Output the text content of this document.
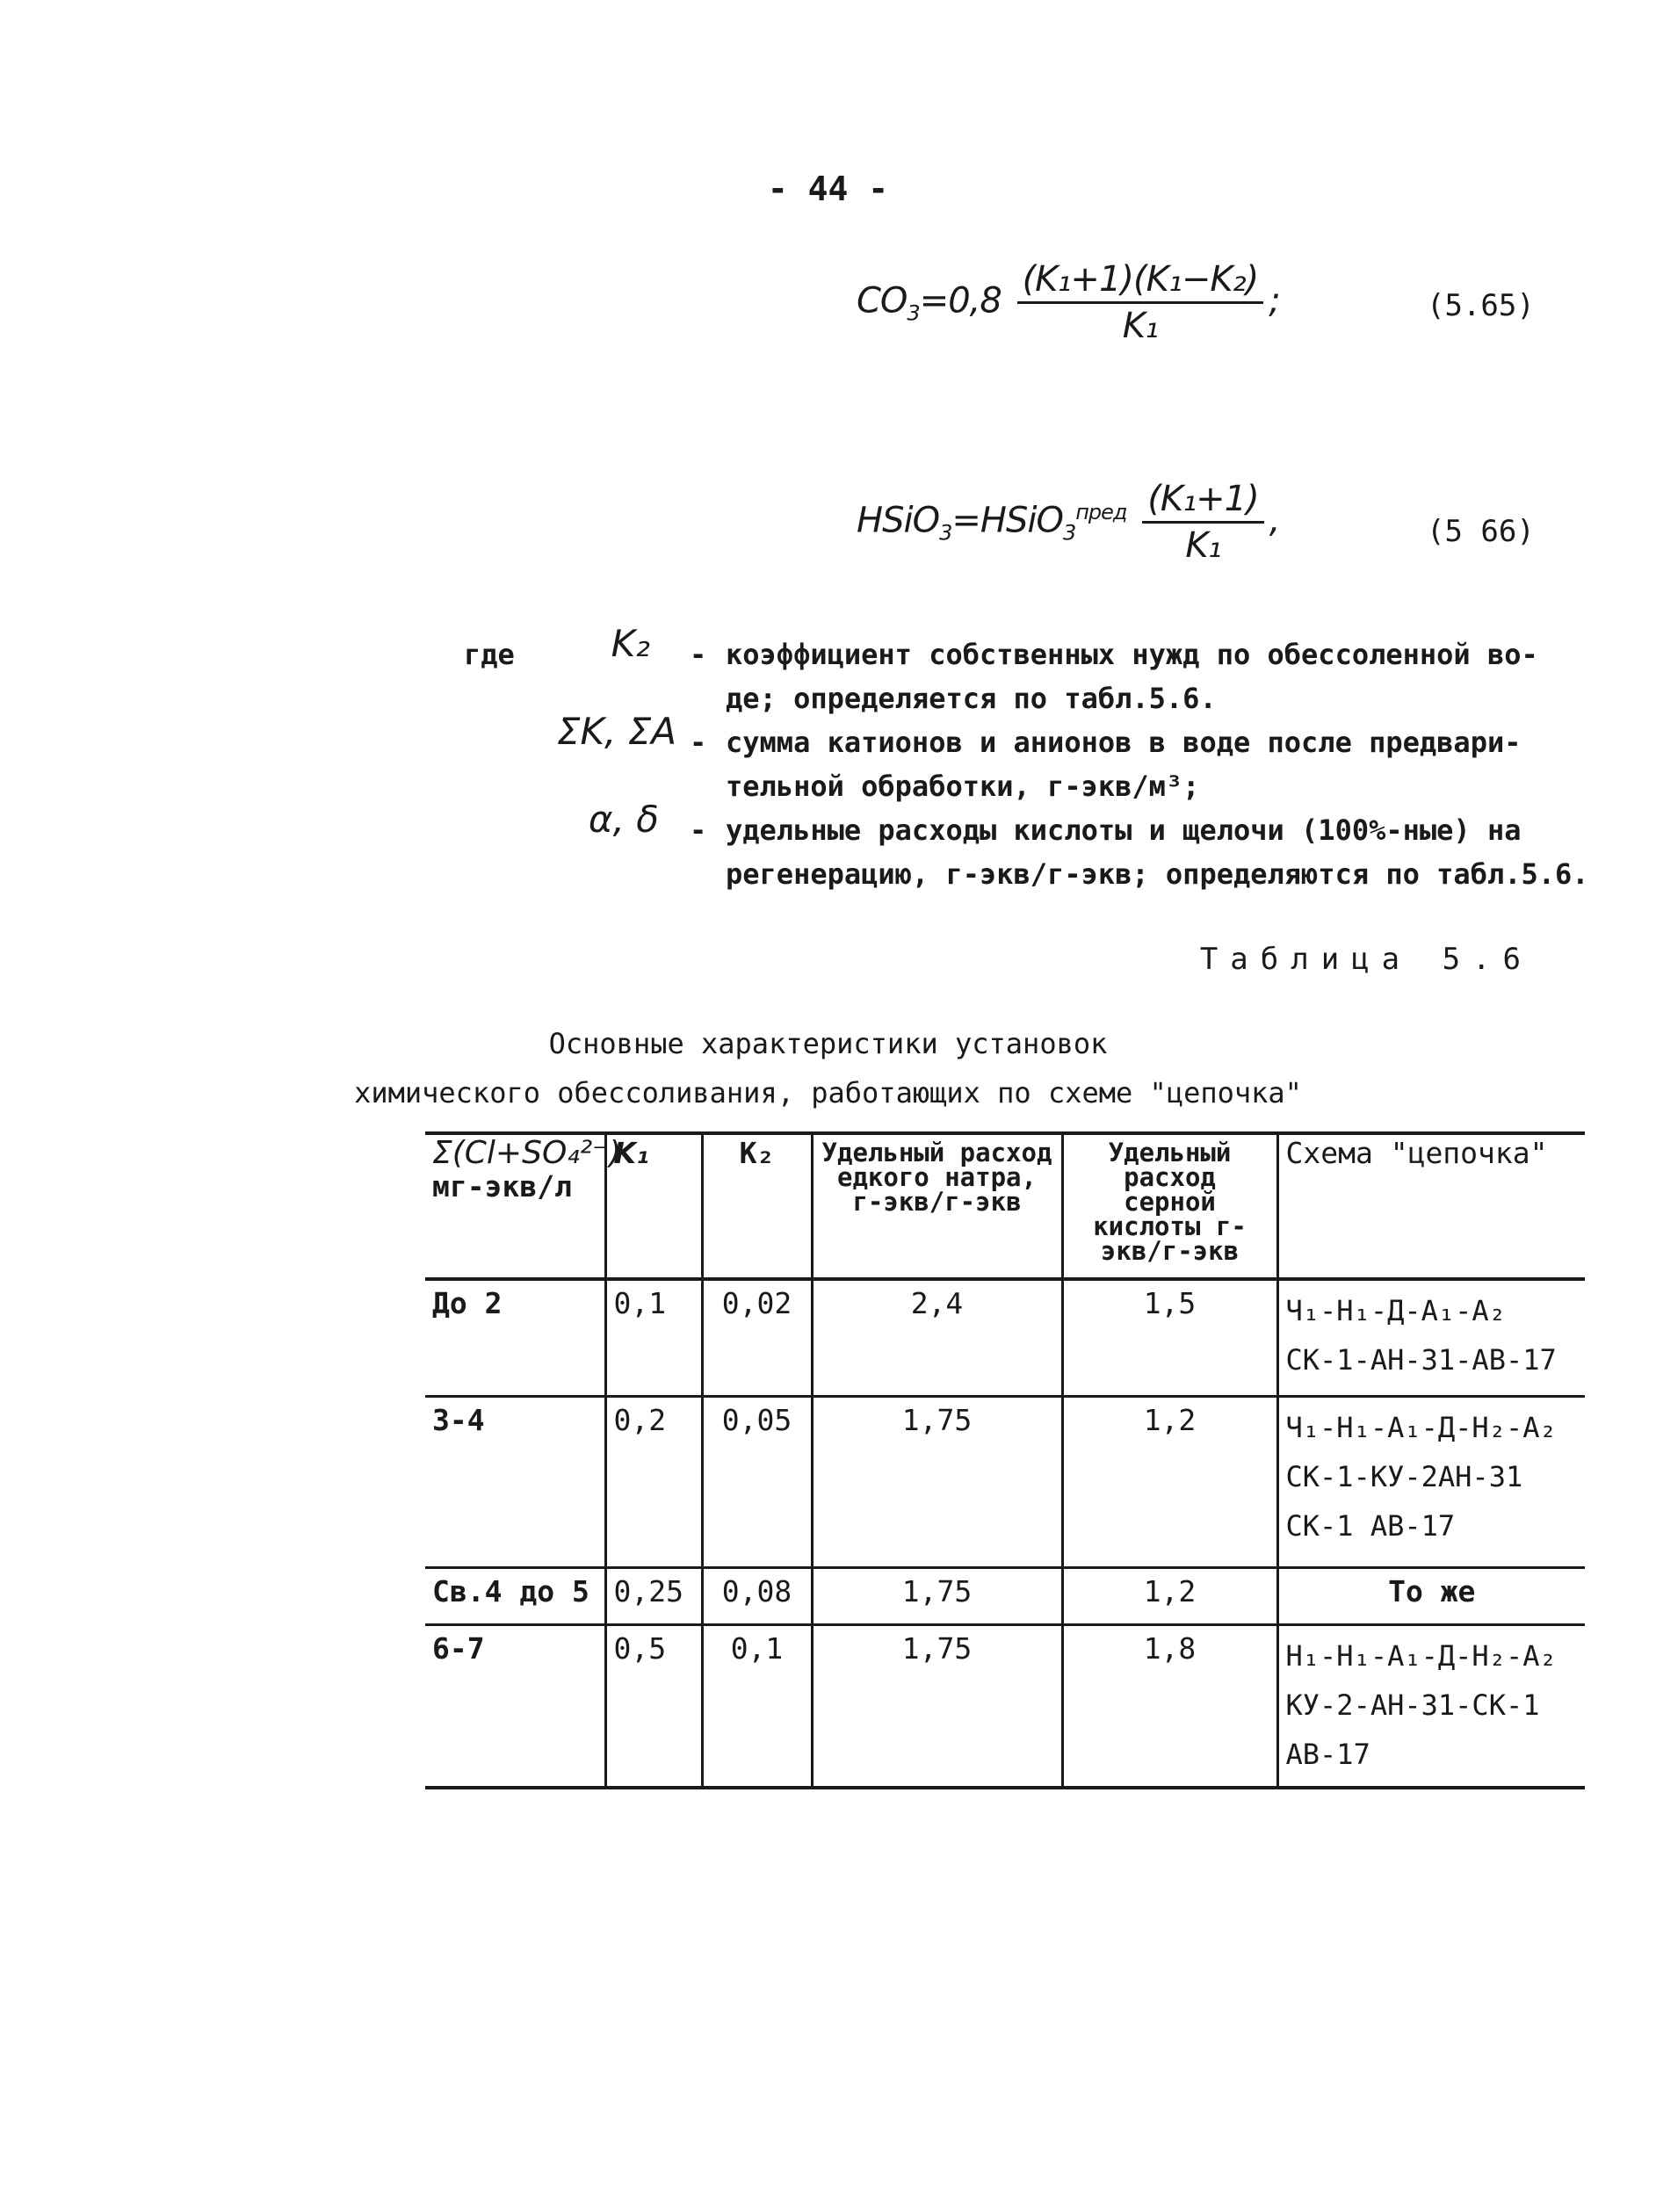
- 44 -
$CO_3=0,8 \frac{\text{(K₁+1)(K₁−K₂)}}{\text{K₁}}$ ;	(5.65)
HSiO$_3$=HSiO$_3^{пред}$ $\frac{\text{(K₁+1)}}{\text{K₁}}$ ,	(5 66)
где	K₂ - коэффициент собственных нужд по обессоленной во-
де; определяется по табл.5.6.
ΣK, ΣA - сумма катионов и анионов в воде после предвари-
тельной обработки, г-экв/м³;
α, δ - удельные расходы кислоты и щелочи (100%-ные) на
регенерацию, г-экв/г-экв; определяются по табл.5.6.
Таблица 5.6
Основные характеристики установок
химического обессоливания, работающих по схеме "цепочка"
Σ(Cl+SO₄²⁻)
мг-экв/л	K₁	K₂	Удельный расход едкого натра, г-экв/г-экв	Удельный расход серной кислоты г-экв/г-экв	Схема "цепочка"
До 2	0,1	0,02	2,4	1,5	Ч₁-Н₁-Д-А₁-А₂
СК-1-АН-31-АВ-17
3-4	0,2	0,05	1,75	1,2	Ч₁-Н₁-А₁-Д-Н₂-А₂
СК-1-КУ-2АН-31
СК-1 АВ-17
Св.4 до 5	0,25	0,08	1,75	1,2	То же
6-7	0,5	0,1	1,75	1,8	Н₁-Н₁-А₁-Д-Н₂-А₂
КУ-2-АН-31-СК-1
АВ-17
